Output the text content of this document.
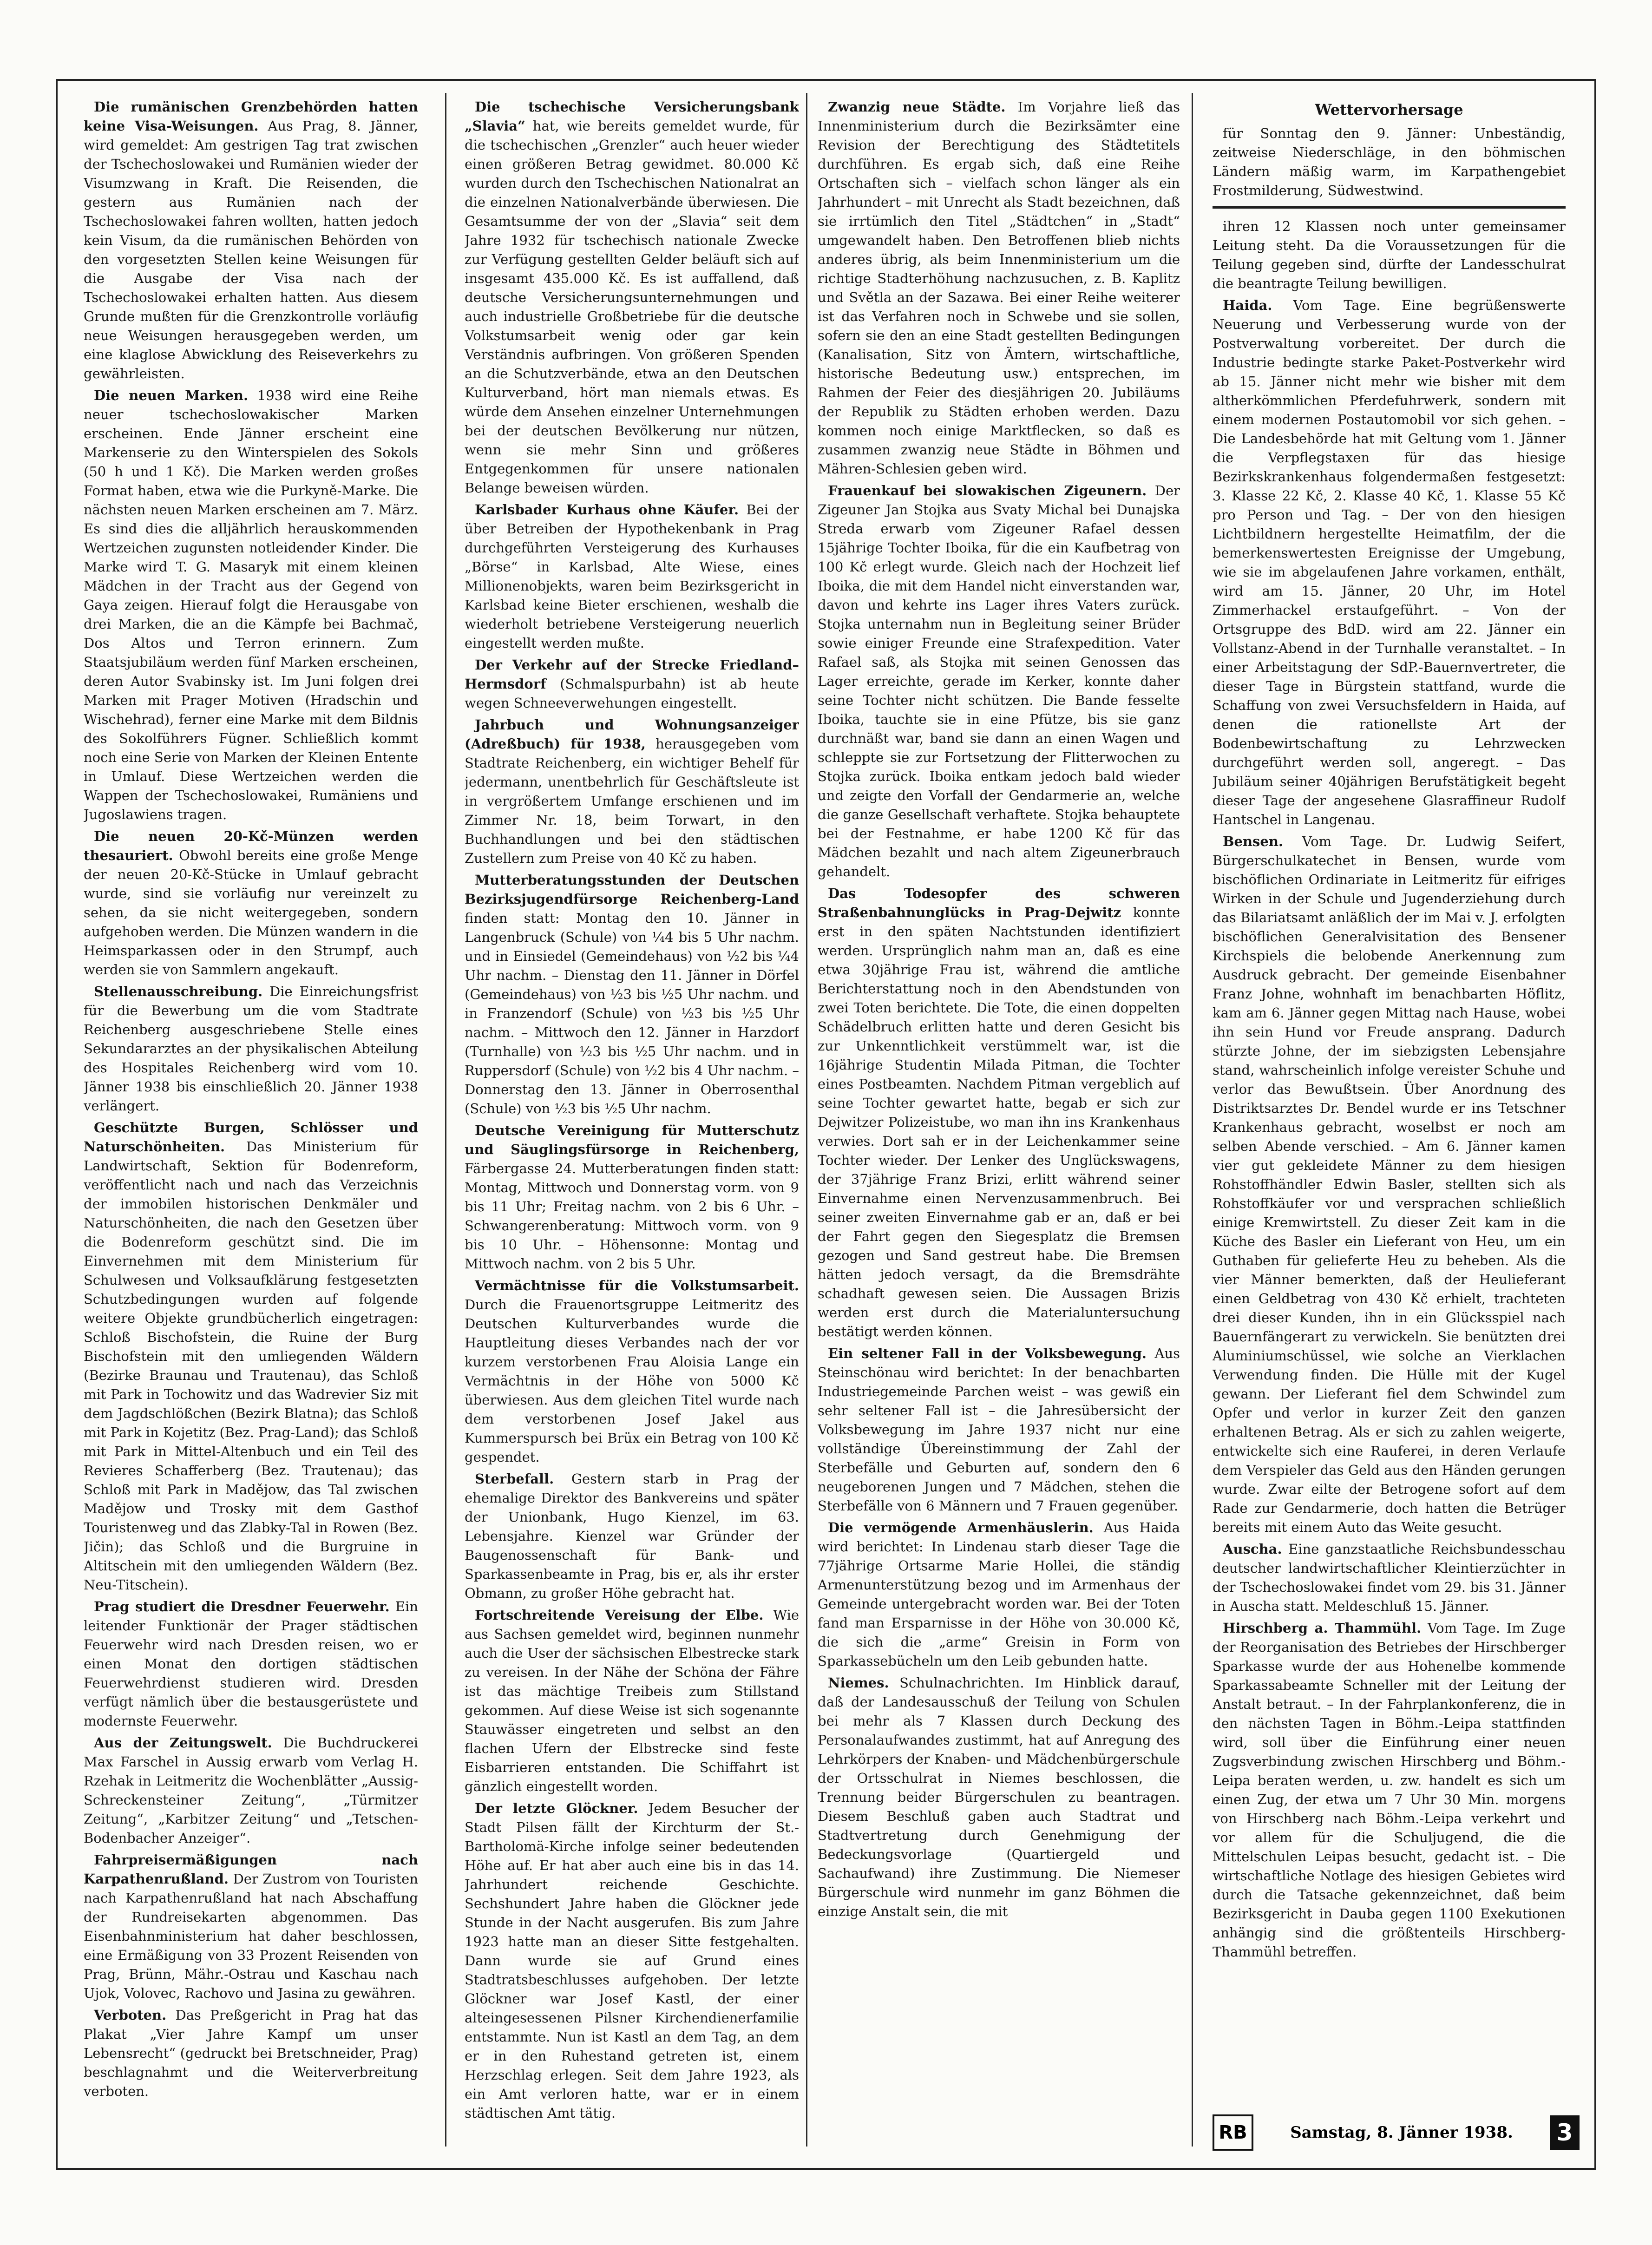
Die rumänischen Grenzbehörden hatten keine Visa-Weisungen. Aus Prag, 8. Jänner, wird gemeldet: Am gestrigen Tag trat zwischen der Tschechoslowakei und Rumänien wieder der Visumzwang in Kraft. Die Reisenden, die gestern aus Rumänien nach der Tschechoslowakei fahren wollten, hatten jedoch kein Visum, da die rumänischen Behörden von den vorgesetzten Stellen keine Weisungen für die Ausgabe der Visa nach der Tschechoslowakei erhalten hatten. Aus diesem Grunde mußten für die Grenzkontrolle vorläufig neue Weisungen herausgegeben werden, um eine klaglose Abwicklung des Reiseverkehrs zu gewährleisten.

Die neuen Marken. 1938 wird eine Reihe neuer tschechoslowakischer Marken erscheinen. Ende Jänner erscheint eine Markenserie zu den Winterspielen des Sokols (50 h und 1 Kč). Die Marken werden großes Format haben, etwa wie die Purkyně-Marke. Die nächsten neuen Marken erscheinen am 7. März. Es sind dies die alljährlich herauskommenden Wertzeichen zugunsten notleidender Kinder. Die Marke wird T. G. Masaryk mit einem kleinen Mädchen in der Tracht aus der Gegend von Gaya zeigen. Hierauf folgt die Herausgabe von drei Marken, die an die Kämpfe bei Bachmač, Dos Altos und Terron erinnern. Zum Staatsjubiläum werden fünf Marken erscheinen, deren Autor Svabinsky ist. Im Juni folgen drei Marken mit Prager Motiven (Hradschin und Wischehrad), ferner eine Marke mit dem Bildnis des Sokolführers Fügner. Schließlich kommt noch eine Serie von Marken der Kleinen Entente in Umlauf. Diese Wertzeichen werden die Wappen der Tschechoslowakei, Rumäniens und Jugoslawiens tragen.

Die neuen 20-Kč-Münzen werden thesauriert. Obwohl bereits eine große Menge der neuen 20-Kč-Stücke in Umlauf gebracht wurde, sind sie vorläufig nur vereinzelt zu sehen, da sie nicht weitergegeben, sondern aufgehoben werden. Die Münzen wandern in die Heimsparkassen oder in den Strumpf, auch werden sie von Sammlern angekauft.

Stellenausschreibung. Die Einreichungsfrist für die Bewerbung um die vom Stadtrate Reichenberg ausgeschriebene Stelle eines Sekundararztes an der physikalischen Abteilung des Hospitales Reichenberg wird vom 10. Jänner 1938 bis einschließlich 20. Jänner 1938 verlängert.

Geschützte Burgen, Schlösser und Naturschönheiten. Das Ministerium für Landwirtschaft, Sektion für Bodenreform, veröffentlicht nach und nach das Verzeichnis der immobilen historischen Denkmäler und Naturschönheiten, die nach den Gesetzen über die Bodenreform geschützt sind. Die im Einvernehmen mit dem Ministerium für Schulwesen und Volksaufklärung festgesetzten Schutzbedingungen wurden auf folgende weitere Objekte grundbücherlich eingetragen: Schloß Bischofstein, die Ruine der Burg Bischofstein mit den umliegenden Wäldern (Bezirke Braunau und Trautenau), das Schloß mit Park in Tochowitz und das Wadrevier Siz mit dem Jagdschlößchen (Bezirk Blatna); das Schloß mit Park in Kojetitz (Bez. Prag-Land); das Schloß mit Park in Mittel-Altenbuch und ein Teil des Revieres Schafferberg (Bez. Trautenau); das Schloß mit Park in Madějow, das Tal zwischen Madějow und Trosky mit dem Gasthof Touristenweg und das Zlabky-Tal in Rowen (Bez. Jičin); das Schloß und die Burgruine in Altitschein mit den umliegenden Wäldern (Bez. Neu-Titschein).

Prag studiert die Dresdner Feuerwehr. Ein leitender Funktionär der Prager städtischen Feuerwehr wird nach Dresden reisen, wo er einen Monat den dortigen städtischen Feuerwehrdienst studieren wird. Dresden verfügt nämlich über die bestausgerüstete und modernste Feuerwehr.

Aus der Zeitungswelt. Die Buchdruckerei Max Farschel in Aussig erwarb vom Verlag H. Rzehak in Leitmeritz die Wochenblätter „Aussig-Schreckensteiner Zeitung“, „Türmitzer Zeitung“, „Karbitzer Zeitung“ und „Tetschen-Bodenbacher Anzeiger“.

Fahrpreisermäßigungen nach Karpathenrußland. Der Zustrom von Touristen nach Karpathenrußland hat nach Abschaffung der Rundreisekarten abgenommen. Das Eisenbahnministerium hat daher beschlossen, eine Ermäßigung von 33 Prozent Reisenden von Prag, Brünn, Mähr.-Ostrau und Kaschau nach Ujok, Volovec, Rachovo und Jasina zu gewähren.

Verboten. Das Preßgericht in Prag hat das Plakat „Vier Jahre Kampf um unser Lebensrecht“ (gedruckt bei Bretschneider, Prag) beschlagnahmt und die Weiterverbreitung verboten.

Die tschechische Versicherungsbank „Slavia“ hat, wie bereits gemeldet wurde, für die tschechischen „Grenzler“ auch heuer wieder einen größeren Betrag gewidmet. 80.000 Kč wurden durch den Tschechischen Nationalrat an die einzelnen Nationalverbände überwiesen. Die Gesamtsumme der von der „Slavia“ seit dem Jahre 1932 für tschechisch nationale Zwecke zur Verfügung gestellten Gelder beläuft sich auf insgesamt 435.000 Kč. Es ist auffallend, daß deutsche Versicherungsunternehmungen und auch industrielle Großbetriebe für die deutsche Volkstumsarbeit wenig oder gar kein Verständnis aufbringen. Von größeren Spenden an die Schutzverbände, etwa an den Deutschen Kulturverband, hört man niemals etwas. Es würde dem Ansehen einzelner Unternehmungen bei der deutschen Bevölkerung nur nützen, wenn sie mehr Sinn und größeres Entgegenkommen für unsere nationalen Belange beweisen würden.

Karlsbader Kurhaus ohne Käufer. Bei der über Betreiben der Hypothekenbank in Prag durchgeführten Versteigerung des Kurhauses „Börse“ in Karlsbad, Alte Wiese, eines Millionenobjekts, waren beim Bezirksgericht in Karlsbad keine Bieter erschienen, weshalb die wiederholt betriebene Versteigerung neuerlich eingestellt werden mußte.

Der Verkehr auf der Strecke Friedland–Hermsdorf (Schmalspurbahn) ist ab heute wegen Schneeverwehungen eingestellt.

Jahrbuch und Wohnungsanzeiger (Adreßbuch) für 1938, herausgegeben vom Stadtrate Reichenberg, ein wichtiger Behelf für jedermann, unentbehrlich für Geschäftsleute ist in vergrößertem Umfange erschienen und im Zimmer Nr. 18, beim Torwart, in den Buchhandlungen und bei den städtischen Zustellern zum Preise von 40 Kč zu haben.

Mutterberatungsstunden der Deutschen Bezirksjugendfürsorge Reichenberg-Land finden statt: Montag den 10. Jänner in Langenbruck (Schule) von ¼4 bis 5 Uhr nachm. und in Einsiedel (Gemeindehaus) von ½2 bis ¼4 Uhr nachm. – Dienstag den 11. Jänner in Dörfel (Gemeindehaus) von ½3 bis ½5 Uhr nachm. und in Franzendorf (Schule) von ½3 bis ½5 Uhr nachm. – Mittwoch den 12. Jänner in Harzdorf (Turnhalle) von ½3 bis ½5 Uhr nachm. und in Ruppersdorf (Schule) von ½2 bis 4 Uhr nachm. – Donnerstag den 13. Jänner in Oberrosenthal (Schule) von ½3 bis ½5 Uhr nachm.

Deutsche Vereinigung für Mutterschutz und Säuglingsfürsorge in Reichenberg, Färbergasse 24. Mutterberatungen finden statt: Montag, Mittwoch und Donnerstag vorm. von 9 bis 11 Uhr; Freitag nachm. von 2 bis 6 Uhr. – Schwangerenberatung: Mittwoch vorm. von 9 bis 10 Uhr. – Höhensonne: Montag und Mittwoch nachm. von 2 bis 5 Uhr.

Vermächtnisse für die Volkstumsarbeit. Durch die Frauenortsgruppe Leitmeritz des Deutschen Kulturverbandes wurde die Hauptleitung dieses Verbandes nach der vor kurzem verstorbenen Frau Aloisia Lange ein Vermächtnis in der Höhe von 5000 Kč überwiesen. Aus dem gleichen Titel wurde nach dem verstorbenen Josef Jakel aus Kummerspursch bei Brüx ein Betrag von 100 Kč gespendet.

Sterbefall. Gestern starb in Prag der ehemalige Direktor des Bankvereins und später der Unionbank, Hugo Kienzel, im 63. Lebensjahre. Kienzel war Gründer der Baugenossenschaft für Bank- und Sparkassenbeamte in Prag, bis er, als ihr erster Obmann, zu großer Höhe gebracht hat.

Fortschreitende Vereisung der Elbe. Wie aus Sachsen gemeldet wird, beginnen nunmehr auch die User der sächsischen Elbestrecke stark zu vereisen. In der Nähe der Schöna der Fähre ist das mächtige Treibeis zum Stillstand gekommen. Auf diese Weise ist sich sogenannte Stauwässer eingetreten und selbst an den flachen Ufern der Elbstrecke sind feste Eisbarrieren entstanden. Die Schiffahrt ist gänzlich eingestellt worden.

Der letzte Glöckner. Jedem Besucher der Stadt Pilsen fällt der Kirchturm der St.-Bartholomä-Kirche infolge seiner bedeutenden Höhe auf. Er hat aber auch eine bis in das 14. Jahrhundert reichende Geschichte. Sechshundert Jahre haben die Glöckner jede Stunde in der Nacht ausgerufen. Bis zum Jahre 1923 hatte man an dieser Sitte festgehalten. Dann wurde sie auf Grund eines Stadtratsbeschlusses aufgehoben. Der letzte Glöckner war Josef Kastl, der einer alteingesessenen Pilsner Kirchendienerfamilie entstammte. Nun ist Kastl an dem Tag, an dem er in den Ruhestand getreten ist, einem Herzschlag erlegen. Seit dem Jahre 1923, als ein Amt verloren hatte, war er in einem städtischen Amt tätig.

Zwanzig neue Städte. Im Vorjahre ließ das Innenministerium durch die Bezirksämter eine Revision der Berechtigung des Städtetitels durchführen. Es ergab sich, daß eine Reihe Ortschaften sich – vielfach schon länger als ein Jahrhundert – mit Unrecht als Stadt bezeichnen, daß sie irrtümlich den Titel „Städtchen“ in „Stadt“ umgewandelt haben. Den Betroffenen blieb nichts anderes übrig, als beim Innenministerium um die richtige Stadterhöhung nachzusuchen, z. B. Kaplitz und Světla an der Sazawa. Bei einer Reihe weiterer ist das Verfahren noch in Schwebe und sie sollen, sofern sie den an eine Stadt gestellten Bedingungen (Kanalisation, Sitz von Ämtern, wirtschaftliche, historische Bedeutung usw.) entsprechen, im Rahmen der Feier des diesjährigen 20. Jubiläums der Republik zu Städten erhoben werden. Dazu kommen noch einige Marktflecken, so daß es zusammen zwanzig neue Städte in Böhmen und Mähren-Schlesien geben wird.

Frauenkauf bei slowakischen Zigeunern. Der Zigeuner Jan Stojka aus Svaty Michal bei Dunajska Streda erwarb vom Zigeuner Rafael dessen 15jährige Tochter Iboika, für die ein Kaufbetrag von 100 Kč erlegt wurde. Gleich nach der Hochzeit lief Iboika, die mit dem Handel nicht einverstanden war, davon und kehrte ins Lager ihres Vaters zurück. Stojka unternahm nun in Begleitung seiner Brüder sowie einiger Freunde eine Strafexpedition. Vater Rafael saß, als Stojka mit seinen Genossen das Lager erreichte, gerade im Kerker, konnte daher seine Tochter nicht schützen. Die Bande fesselte Iboika, tauchte sie in eine Pfütze, bis sie ganz durchnäßt war, band sie dann an einen Wagen und schleppte sie zur Fortsetzung der Flitterwochen zu Stojka zurück. Iboika entkam jedoch bald wieder und zeigte den Vorfall der Gendarmerie an, welche die ganze Gesellschaft verhaftete. Stojka behauptete bei der Festnahme, er habe 1200 Kč für das Mädchen bezahlt und nach altem Zigeunerbrauch gehandelt.

Das Todesopfer des schweren Straßenbahnunglücks in Prag-Dejwitz konnte erst in den späten Nachtstunden identifiziert werden. Ursprünglich nahm man an, daß es eine etwa 30jährige Frau ist, während die amtliche Berichterstattung noch in den Abendstunden von zwei Toten berichtete. Die Tote, die einen doppelten Schädelbruch erlitten hatte und deren Gesicht bis zur Unkenntlichkeit verstümmelt war, ist die 16jährige Studentin Milada Pitman, die Tochter eines Postbeamten. Nachdem Pitman vergeblich auf seine Tochter gewartet hatte, begab er sich zur Dejwitzer Polizeistube, wo man ihn ins Krankenhaus verwies. Dort sah er in der Leichenkammer seine Tochter wieder. Der Lenker des Unglückswagens, der 37jährige Franz Brizi, erlitt während seiner Einvernahme einen Nervenzusammenbruch. Bei seiner zweiten Einvernahme gab er an, daß er bei der Fahrt gegen den Siegesplatz die Bremsen gezogen und Sand gestreut habe. Die Bremsen hätten jedoch versagt, da die Bremsdrähte schadhaft gewesen seien. Die Aussagen Brizis werden erst durch die Materialuntersuchung bestätigt werden können.

Ein seltener Fall in der Volksbewegung. Aus Steinschönau wird berichtet: In der benachbarten Industriegemeinde Parchen weist – was gewiß ein sehr seltener Fall ist – die Jahresübersicht der Volksbewegung im Jahre 1937 nicht nur eine vollständige Übereinstimmung der Zahl der Sterbefälle und Geburten auf, sondern den 6 neugeborenen Jungen und 7 Mädchen, stehen die Sterbefälle von 6 Männern und 7 Frauen gegenüber.

Die vermögende Armenhäuslerin. Aus Haida wird berichtet: In Lindenau starb dieser Tage die 77jährige Ortsarme Marie Hollei, die ständig Armenunterstützung bezog und im Armenhaus der Gemeinde untergebracht worden war. Bei der Toten fand man Ersparnisse in der Höhe von 30.000 Kč, die sich die „arme“ Greisin in Form von Sparkassebücheln um den Leib gebunden hatte.

Niemes. Schulnachrichten. Im Hinblick darauf, daß der Landesausschuß der Teilung von Schulen bei mehr als 7 Klassen durch Deckung des Personalaufwandes zustimmt, hat auf Anregung des Lehrkörpers der Knaben- und Mädchenbürgerschule der Ortsschulrat in Niemes beschlossen, die Trennung beider Bürgerschulen zu beantragen. Diesem Beschluß gaben auch Stadtrat und Stadtvertretung durch Genehmigung der Bedeckungsvorlage (Quartiergeld und Sachaufwand) ihre Zustimmung. Die Niemeser Bürgerschule wird nunmehr im ganz Böhmen die einzige Anstalt sein, die mit

Wettervorhersage

für Sonntag den 9. Jänner: Unbeständig, zeitweise Niederschläge, in den böhmischen Ländern mäßig warm, im Karpathengebiet Frostmilderung, Südwestwind.

ihren 12 Klassen noch unter gemeinsamer Leitung steht. Da die Voraussetzungen für die Teilung gegeben sind, dürfte der Landesschulrat die beantragte Teilung bewilligen.

Haida. Vom Tage. Eine begrüßenswerte Neuerung und Verbesserung wurde von der Postverwaltung vorbereitet. Der durch die Industrie bedingte starke Paket-Postverkehr wird ab 15. Jänner nicht mehr wie bisher mit dem altherkömmlichen Pferdefuhrwerk, sondern mit einem modernen Postautomobil vor sich gehen. – Die Landesbehörde hat mit Geltung vom 1. Jänner die Verpflegstaxen für das hiesige Bezirkskrankenhaus folgendermaßen festgesetzt: 3. Klasse 22 Kč, 2. Klasse 40 Kč, 1. Klasse 55 Kč pro Person und Tag. – Der von den hiesigen Lichtbildnern hergestellte Heimatfilm, der die bemerkenswertesten Ereignisse der Umgebung, wie sie im abgelaufenen Jahre vorkamen, enthält, wird am 15. Jänner, 20 Uhr, im Hotel Zimmerhackel erstaufgeführt. – Von der Ortsgruppe des BdD. wird am 22. Jänner ein Vollstanz-Abend in der Turnhalle veranstaltet. – In einer Arbeitstagung der SdP.-Bauernvertreter, die dieser Tage in Bürgstein stattfand, wurde die Schaffung von zwei Versuchsfeldern in Haida, auf denen die rationellste Art der Bodenbewirtschaftung zu Lehrzwecken durchgeführt werden soll, angeregt. – Das Jubiläum seiner 40jährigen Berufstätigkeit begeht dieser Tage der angesehene Glasraffineur Rudolf Hantschel in Langenau.

Bensen. Vom Tage. Dr. Ludwig Seifert, Bürgerschulkatechet in Bensen, wurde vom bischöflichen Ordinariate in Leitmeritz für eifriges Wirken in der Schule und Jugenderziehung durch das Bilariatsamt anläßlich der im Mai v. J. erfolgten bischöflichen Generalvisitation des Bensener Kirchspiels die belobende Anerkennung zum Ausdruck gebracht. Der gemeinde Eisenbahner Franz Johne, wohnhaft im benachbarten Höflitz, kam am 6. Jänner gegen Mittag nach Hause, wobei ihn sein Hund vor Freude ansprang. Dadurch stürzte Johne, der im siebzigsten Lebensjahre stand, wahrscheinlich infolge vereister Schuhe und verlor das Bewußtsein. Über Anordnung des Distriktsarztes Dr. Bendel wurde er ins Tetschner Krankenhaus gebracht, woselbst er noch am selben Abende verschied. – Am 6. Jänner kamen vier gut gekleidete Männer zu dem hiesigen Rohstoffhändler Edwin Basler, stellten sich als Rohstoffkäufer vor und versprachen schließlich einige Kremwirtstell. Zu dieser Zeit kam in die Küche des Basler ein Lieferant von Heu, um ein Guthaben für gelieferte Heu zu beheben. Als die vier Männer bemerkten, daß der Heulieferant einen Geldbetrag von 430 Kč erhielt, trachteten drei dieser Kunden, ihn in ein Glücksspiel nach Bauernfängerart zu verwickeln. Sie benützten drei Aluminiumschüssel, wie solche an Vierklachen Verwendung finden. Die Hülle mit der Kugel gewann. Der Lieferant fiel dem Schwindel zum Opfer und verlor in kurzer Zeit den ganzen erhaltenen Betrag. Als er sich zu zahlen weigerte, entwickelte sich eine Rauferei, in deren Verlaufe dem Verspieler das Geld aus den Händen gerungen wurde. Zwar eilte der Betrogene sofort auf dem Rade zur Gendarmerie, doch hatten die Betrüger bereits mit einem Auto das Weite gesucht.

Auscha. Eine ganzstaatliche Reichsbundesschau deutscher landwirtschaftlicher Kleintierzüchter in der Tschechoslowakei findet vom 29. bis 31. Jänner in Auscha statt. Meldeschluß 15. Jänner.

Hirschberg a. Thammühl. Vom Tage. Im Zuge der Reorganisation des Betriebes der Hirschberger Sparkasse wurde der aus Hohenelbe kommende Sparkassabeamte Schneller mit der Leitung der Anstalt betraut. – In der Fahrplankonferenz, die in den nächsten Tagen in Böhm.-Leipa stattfinden wird, soll über die Einführung einer neuen Zugsverbindung zwischen Hirschberg und Böhm.-Leipa beraten werden, u. zw. handelt es sich um einen Zug, der etwa um 7 Uhr 30 Min. morgens von Hirschberg nach Böhm.-Leipa verkehrt und vor allem für die Schuljugend, die die Mittelschulen Leipas besucht, gedacht ist. – Die wirtschaftliche Notlage des hiesigen Gebietes wird durch die Tatsache gekennzeichnet, daß beim Bezirksgericht in Dauba gegen 1100 Exekutionen anhängig sind die größtenteils Hirschberg-Thammühl betreffen.

RB	Samstag, 8. Jänner 1938. 3
